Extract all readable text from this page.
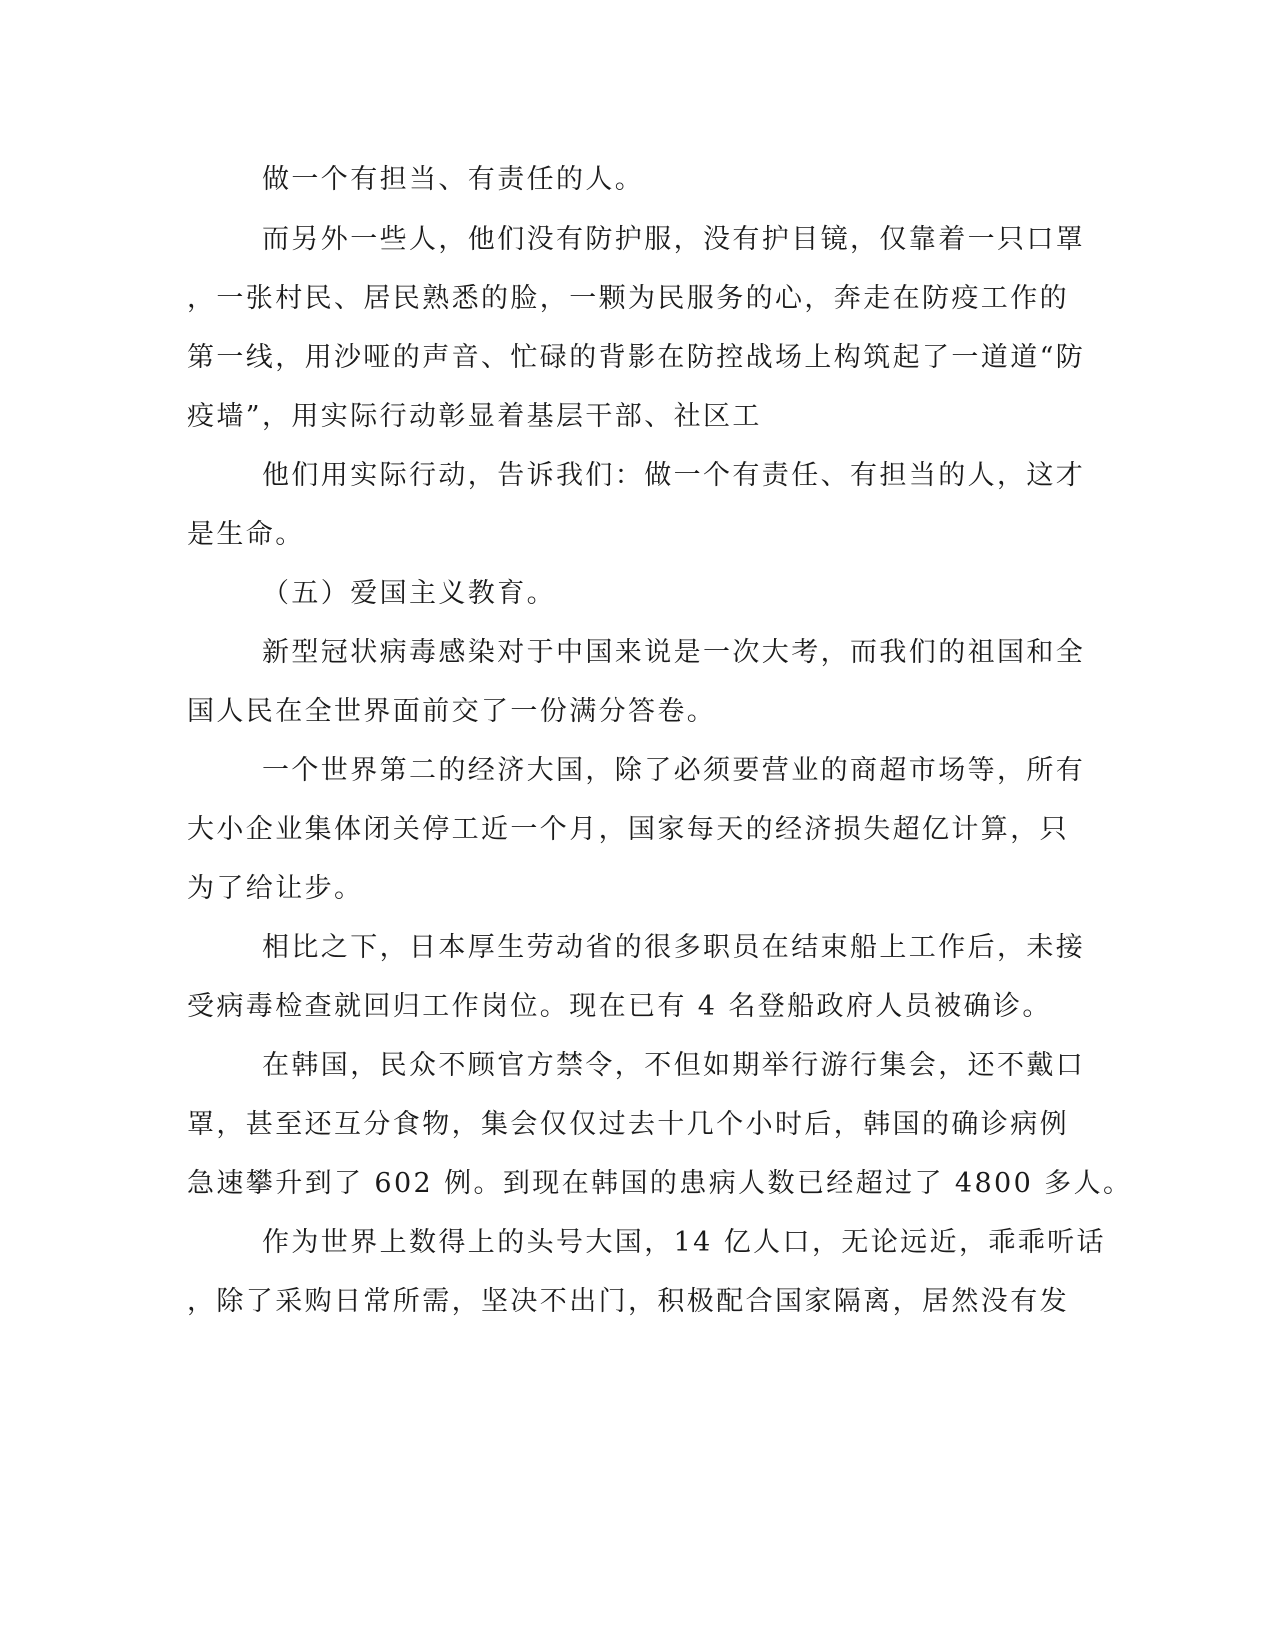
做一个有担当、有责任的人。

而另外一些人，他们没有防护服，没有护目镜，仅靠着一只口罩

，一张村民、居民熟悉的脸，一颗为民服务的心，奔走在防疫工作的

第一线，用沙哑的声音、忙碌的背影在防控战场上构筑起了一道道“防

疫墙”，用实际行动彰显着基层干部、社区工

他们用实际行动，告诉我们：做一个有责任、有担当的人，这才

是生命。

（五）爱国主义教育。

新型冠状病毒感染对于中国来说是一次大考，而我们的祖国和全

国人民在全世界面前交了一份满分答卷。

一个世界第二的经济大国，除了必须要营业的商超市场等，所有

大小企业集体闭关停工近一个月，国家每天的经济损失超亿计算，只

为了给让步。

相比之下，日本厚生劳动省的很多职员在结束船上工作后，未接

受病毒检查就回归工作岗位。现在已有 4 名登船政府人员被确诊。

在韩国，民众不顾官方禁令，不但如期举行游行集会，还不戴口

罩，甚至还互分食物，集会仅仅过去十几个小时后，韩国的确诊病例

急速攀升到了 602 例。到现在韩国的患病人数已经超过了 4800 多人。

作为世界上数得上的头号大国，14 亿人口，无论远近，乖乖听话

，除了采购日常所需，坚决不出门，积极配合国家隔离，居然没有发
